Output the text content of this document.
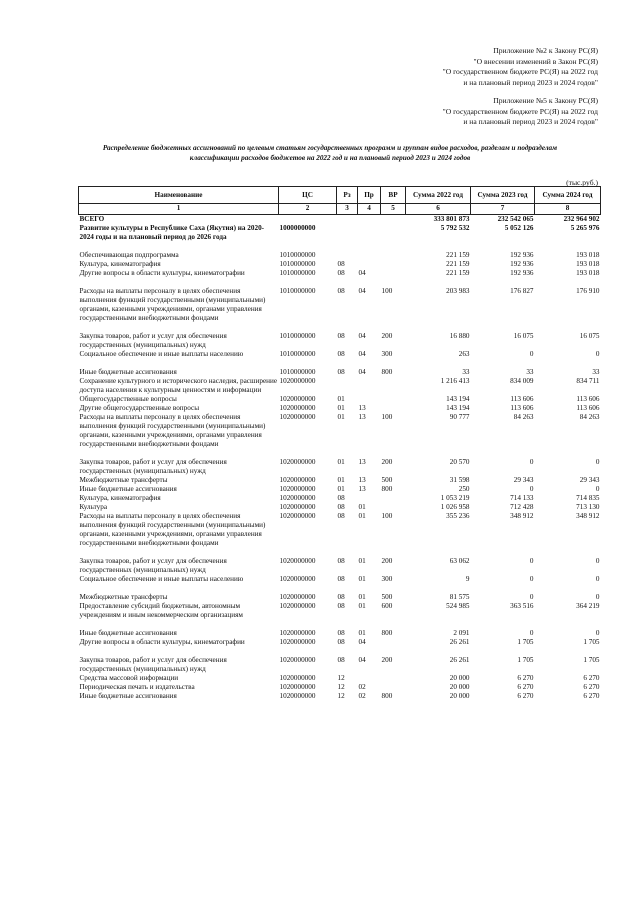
Приложение №2 к Закону РС(Я)

"О внесении изменений в Закон РС(Я)

"О государственном бюджете РС(Я) на 2022 год

и на плановый период 2023 и 2024 годов"

Приложение №5 к Закону РС(Я)

"О государственном бюджете РС(Я) на 2022 год

и на плановый период 2023 и 2024 годов"

Распределение бюджетных ассигнований по целевым статьям государственных программ и группам видов расходов, разделам и подразделам классификации расходов бюджетов на 2022 год и на плановый период 2023 и 2024 годов
(тыс.руб.)
Наименование	ЦС	Рз	Пр	ВР	Сумма 2022 год	Сумма 2023 год	Сумма 2024 год
1	2	3	4	5	6	7	8
ВСЕГО					333 801 873	232 542 065	232 964 902
Развитие культуры в Республике Саха (Якутия) на 2020-2024 годы и на плановый период до 2026 года	1000000000				5 792 532	5 052 126	5 265 976

Обеспечивающая подпрограмма	1010000000				221 159	192 936	193 018
Культура, кинематография	1010000000	08			221 159	192 936	193 018
Другие вопросы в области культуры, кинематографии	1010000000	08	04		221 159	192 936	193 018

Расходы на выплаты персоналу в целях обеспечения выполнения функций государственными (муниципальными) органами, казенными учреждениями, органами управления государственными внебюджетными фондами	1010000000	08	04	100	203 983	176 827	176 910

Закупка товаров, работ и услуг для обеспечения государственных (муниципальных) нужд	1010000000	08	04	200	16 880	16 075	16 075
Социальное обеспечение и иные выплаты населению	1010000000	08	04	300	263	0	0

Иные бюджетные ассигнования	1010000000	08	04	800	33	33	33
Сохранение культурного и исторического наследия, расширение доступа населения к культурным ценностям и информации	1020000000				1 216 413	834 009	834 711
Общегосударственные вопросы	1020000000	01			143 194	113 606	113 606
Другие общегосударственные вопросы	1020000000	01	13		143 194	113 606	113 606
Расходы на выплаты персоналу в целях обеспечения выполнения функций государственными (муниципальными) органами, казенными учреждениями, органами управления государственными внебюджетными фондами	1020000000	01	13	100	90 777	84 263	84 263

Закупка товаров, работ и услуг для обеспечения государственных (муниципальных) нужд	1020000000	01	13	200	20 570	0	0
Межбюджетные трансферты	1020000000	01	13	500	31 598	29 343	29 343
Иные бюджетные ассигнования	1020000000	01	13	800	250	0	0
Культура, кинематография	1020000000	08			1 053 219	714 133	714 835
Культура	1020000000	08	01		1 026 958	712 428	713 130
Расходы на выплаты персоналу в целях обеспечения выполнения функций государственными (муниципальными) органами, казенными учреждениями, органами управления государственными внебюджетными фондами	1020000000	08	01	100	355 236	348 912	348 912

Закупка товаров, работ и услуг для обеспечения государственных (муниципальных) нужд	1020000000	08	01	200	63 062	0	0
Социальное обеспечение и иные выплаты населению	1020000000	08	01	300	9	0	0

Межбюджетные трансферты	1020000000	08	01	500	81 575	0	0
Предоставление субсидий бюджетным, автономным учреждениям и иным некоммерческим организациям	1020000000	08	01	600	524 985	363 516	364 219

Иные бюджетные ассигнования	1020000000	08	01	800	2 091	0	0
Другие вопросы в области культуры, кинематографии	1020000000	08	04		26 261	1 705	1 705

Закупка товаров, работ и услуг для обеспечения государственных (муниципальных) нужд	1020000000	08	04	200	26 261	1 705	1 705
Средства массовой информации	1020000000	12			20 000	6 270	6 270
Периодическая печать и издательства	1020000000	12	02		20 000	6 270	6 270
Иные бюджетные ассигнования	1020000000	12	02	800	20 000	6 270	6 270
